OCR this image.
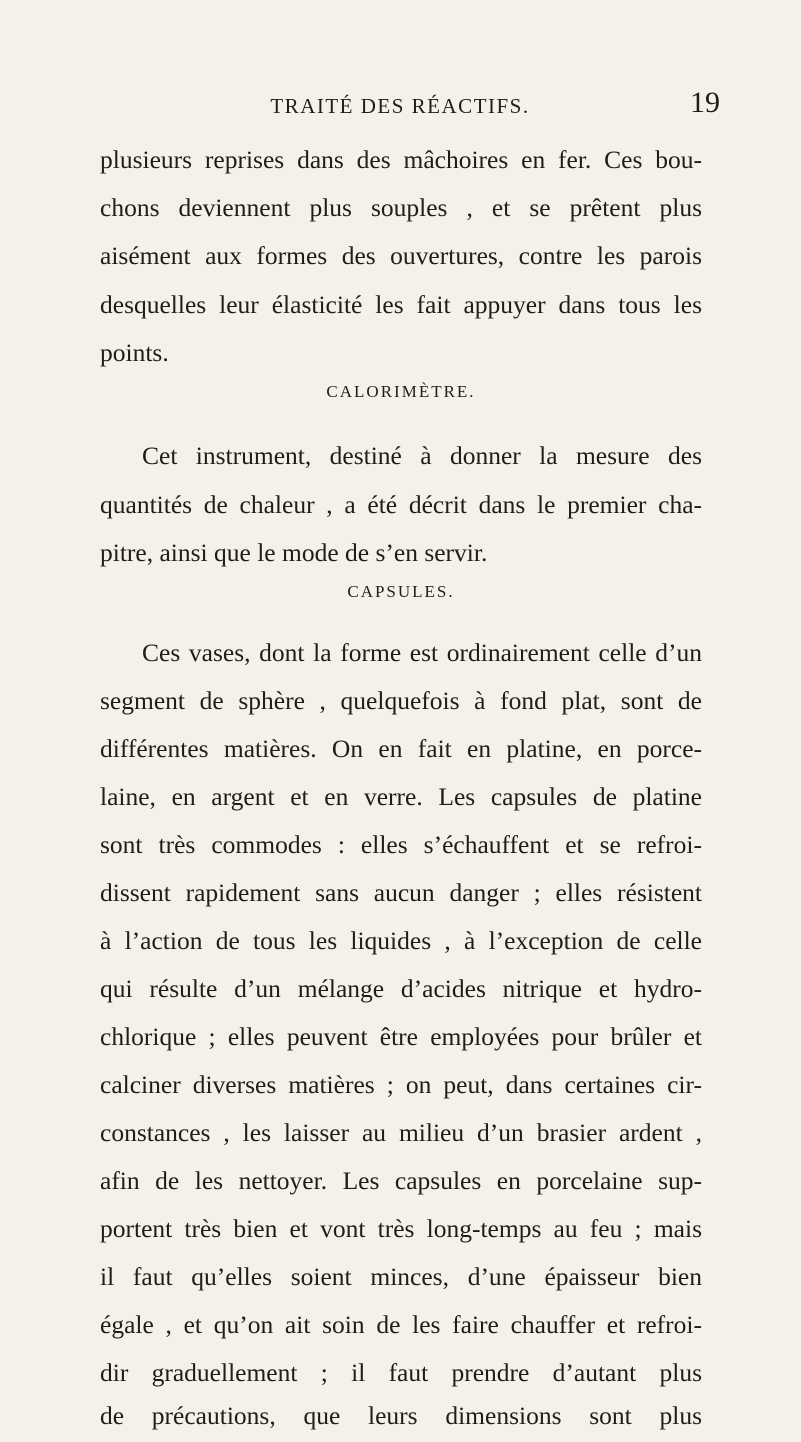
TRAITÉ DES RÉACTIFS.	19
plusieurs reprises dans des mâchoires en fer. Ces bou-
chons deviennent plus souples , et se prêtent plus
aisément aux formes des ouvertures, contre les parois
desquelles leur élasticité les fait appuyer dans tous les
points.
CALORIMÈTRE.
Cet instrument, destiné à donner la mesure des
quantités de chaleur , a été décrit dans le premier cha-
pitre, ainsi que le mode de s’en servir.
CAPSULES.
Ces vases, dont la forme est ordinairement celle d’un
segment de sphère , quelquefois à fond plat, sont de
différentes matières. On en fait en platine, en porce-
laine, en argent et en verre. Les capsules de platine
sont très commodes : elles s’échauffent et se refroi-
dissent rapidement sans aucun danger ; elles résistent
à l’action de tous les liquides , à l’exception de celle
qui résulte d’un mélange d’acides nitrique et hydro-
chlorique ; elles peuvent être employées pour brûler et
calciner diverses matières ; on peut, dans certaines cir-
constances , les laisser au milieu d’un brasier ardent ,
afin de les nettoyer. Les capsules en porcelaine sup-
portent très bien et vont très long-temps au feu ; mais
il faut qu’elles soient minces, d’une épaisseur bien
égale , et qu’on ait soin de les faire chauffer et refroi-
dir graduellement ; il faut prendre d’autant plus
de précautions, que leurs dimensions sont plus
